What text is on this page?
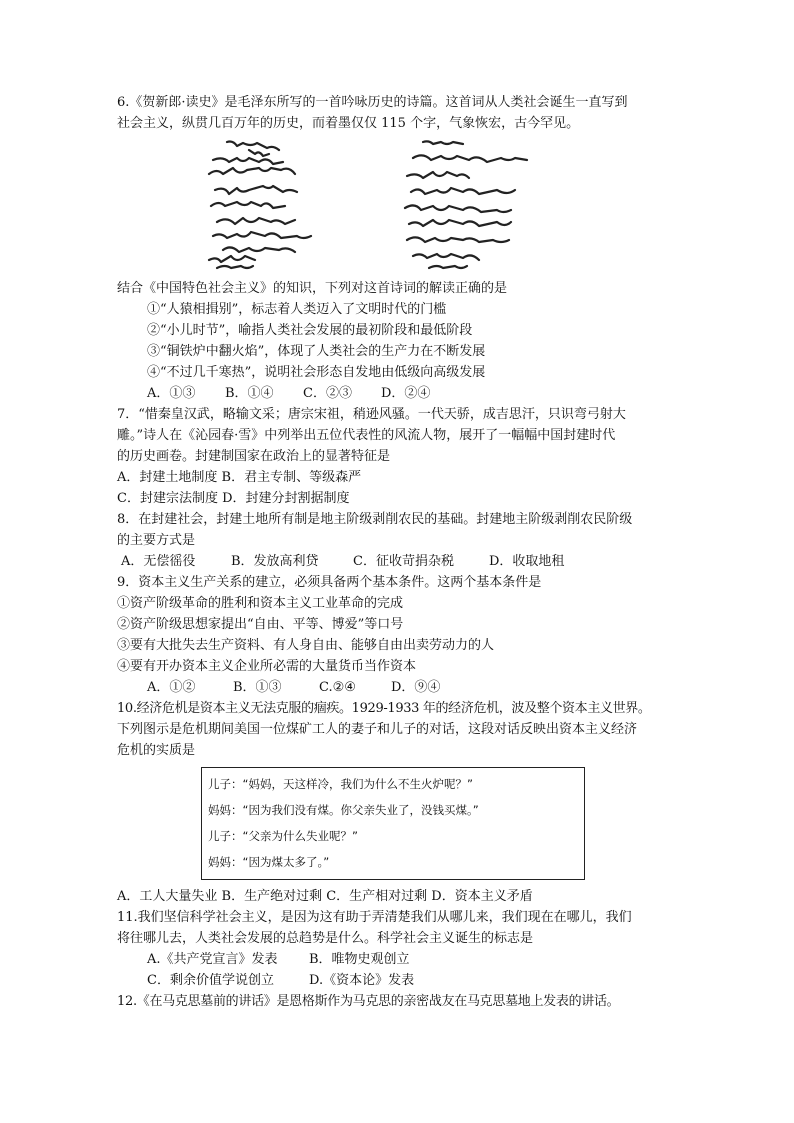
6.《贺新郎·读史》是毛泽东所写的一首吟咏历史的诗篇。这首词从人类社会诞生一直写到

社会主义，纵贯几百万年的历史，而着墨仅仅 115 个字，气象恢宏，古今罕见。

结合《中国特色社会主义》的知识，下列对这首诗词的解读正确的是

①“人猿相揖别”，标志着人类迈入了文明时代的门槛

②“小儿时节”，喻指人类社会发展的最初阶段和最低阶段

③“铜铁炉中翻火焰”，体现了人类社会的生产力在不断发展

④“不过几千寒热”，说明社会形态自发地由低级向高级发展

A．①③ B．①④ C．②③ D．②④

7．“惜秦皇汉武，略输文采；唐宗宋祖，稍逊风骚。一代天骄，成吉思汗，只识弯弓射大

雕。”诗人在《沁园春·雪》中列举出五位代表性的风流人物，展开了一幅幅中国封建时代

的历史画卷。封建制国家在政治上的显著特征是

A．封建土地制度 B．君主专制、等级森严

C．封建宗法制度 D．封建分封割据制度

8．在封建社会，封建土地所有制是地主阶级剥削农民的基础。封建地主阶级剥削农民阶级

的主要方式是

A．无偿徭役	B．发放高利贷	C．征收苛捐杂税	D．收取地租

9．资本主义生产关系的建立，必须具备两个基本条件。这两个基本条件是

①资产阶级革命的胜利和资本主义工业革命的完成

②资产阶级思想家提出“自由、平等、博爱”等口号

③要有大批失去生产资料、有人身自由、能够自由出卖劳动力的人

④要有开办资本主义企业所必需的大量货币当作资本

A．①②	B．①③	C.②④	D．⑨④

10.经济危机是资本主义无法克服的痼疾。1929-1933 年的经济危机，波及整个资本主义世界。

下列图示是危机期间美国一位煤矿工人的妻子和儿子的对话，这段对话反映出资本主义经济

危机的实质是

儿子：“妈妈，天这样冷，我们为什么不生火炉呢？”
妈妈：“因为我们没有煤。你父亲失业了，没钱买煤。”
儿子：“父亲为什么失业呢？”
妈妈：“因为煤太多了。”

A．工人大量失业 B．生产绝对过剩 C．生产相对过剩 D．资本主义矛盾

11.我们坚信科学社会主义，是因为这有助于弄清楚我们从哪儿来，我们现在在哪儿，我们

将往哪儿去，人类社会发展的总趋势是什么。科学社会主义诞生的标志是

A.《共产党宣言》发表 B．唯物史观创立

C．剩余价值学说创立	D.《资本论》发表

12.《在马克思墓前的讲话》是恩格斯作为马克思的亲密战友在马克思墓地上发表的讲话。
